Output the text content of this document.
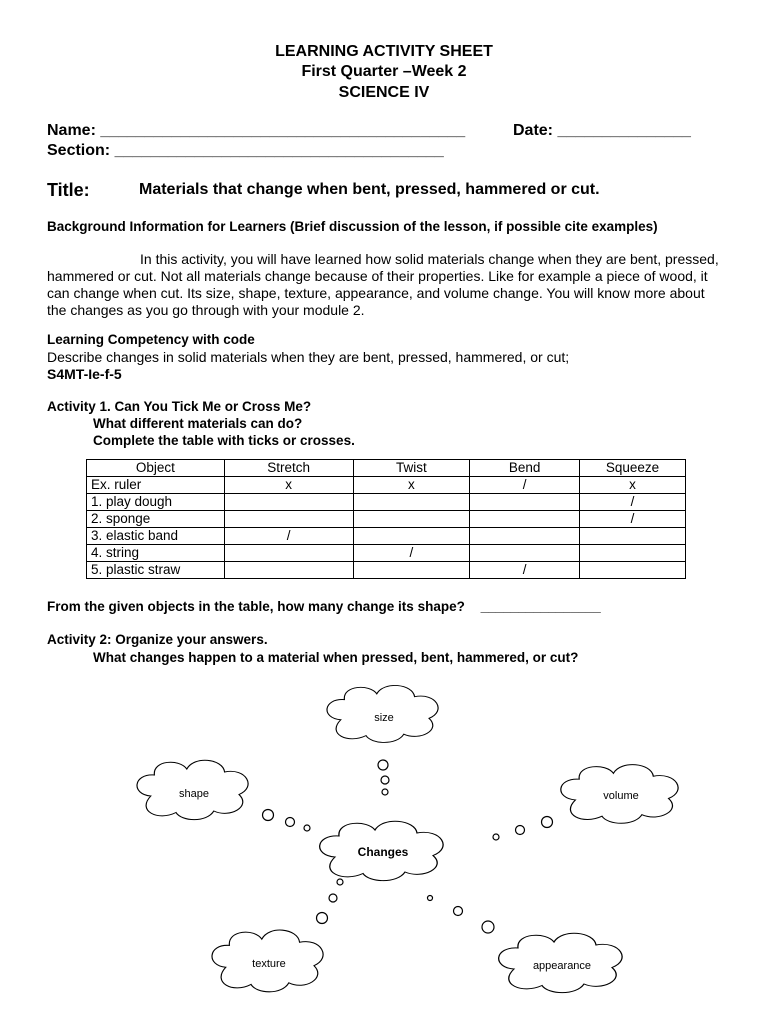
LEARNING ACTIVITY SHEET
First Quarter –Week 2
SCIENCE IV
Name: _________________________________________	Date: _______________
Section: _____________________________________
Title:	Materials that change when bent, pressed, hammered or cut.
Background Information for Learners (Brief discussion of the lesson, if possible cite examples)
In this activity, you will have learned how solid materials change when they are bent, pressed, hammered or cut. Not all materials change because of their properties. Like for example a piece of wood, it can change when cut. Its size, shape, texture, appearance, and volume change. You will know more about the changes as you go through with your module 2.
Learning Competency with code
Describe changes in solid materials when they are bent, pressed, hammered, or cut;
S4MT-Ie-f-5
Activity 1. Can You Tick Me or Cross Me?
What different materials can do?
Complete the table with ticks or crosses.
Object	Stretch	Twist	Bend	Squeeze
Ex. ruler	x	x	/	x
1. play dough				/
2. sponge				/
3. elastic band	/			
4. string		/		
5. plastic straw			/	
From the given objects in the table, how many change its shape? ________________
Activity 2: Organize your answers.
What changes happen to a material when pressed, bent, hammered, or cut?
size
shape	volume
Changes
texture	appearance
